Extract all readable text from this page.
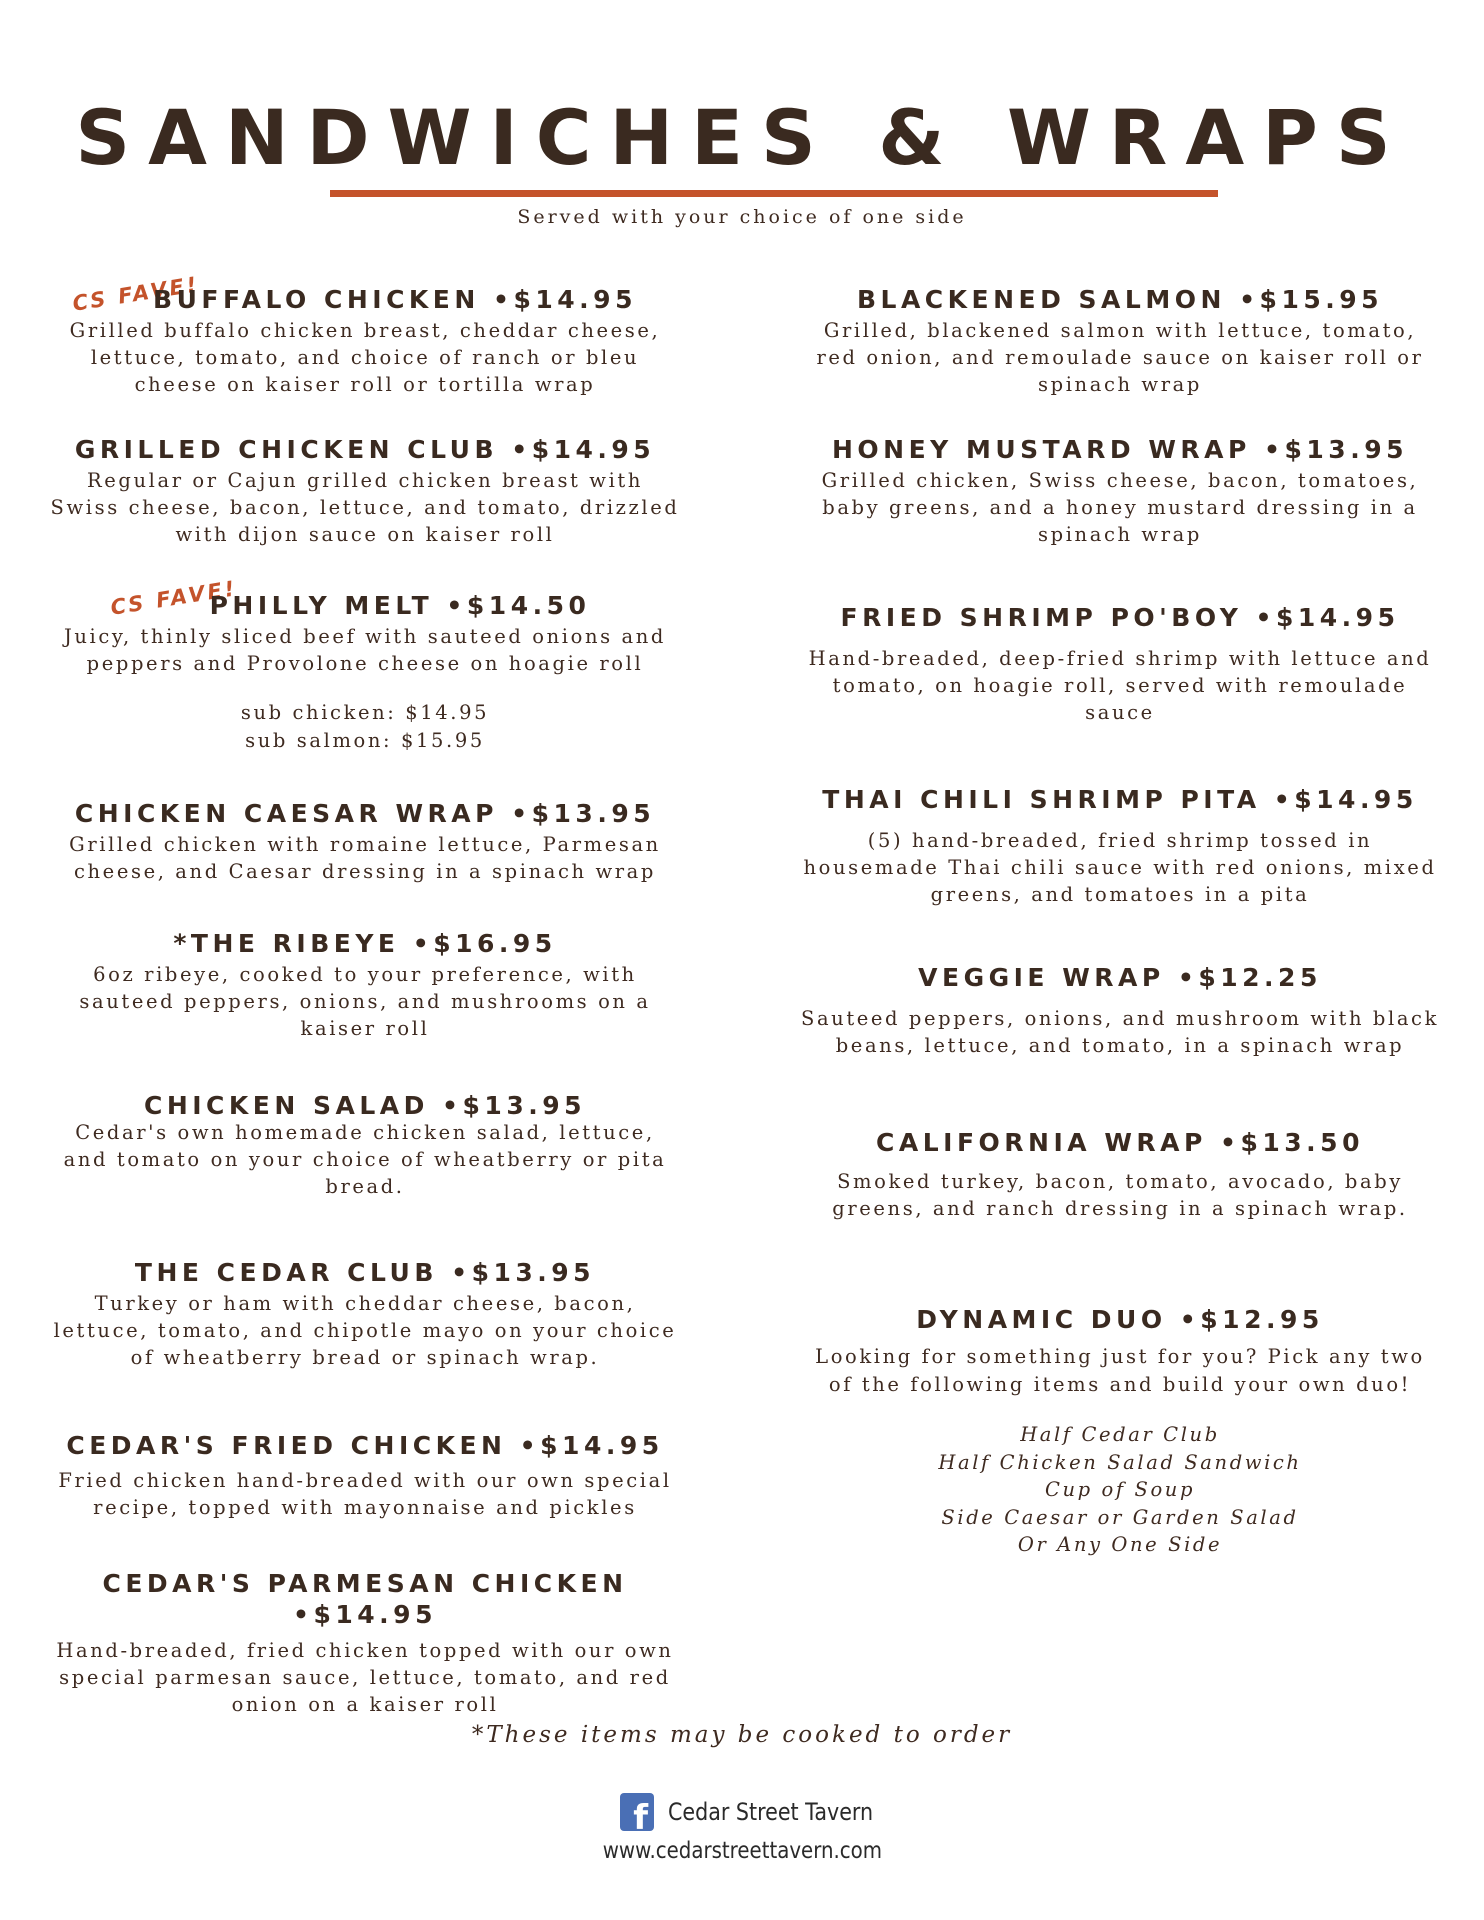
SANDWICHES & WRAPS
Served with your choice of one side
CS FAVE!
BUFFALO CHICKEN •$14.95
Grilled buffalo chicken breast, cheddar cheese, lettuce, tomato, and choice of ranch or bleu cheese on kaiser roll or tortilla wrap
GRILLED CHICKEN CLUB •$14.95
Regular or Cajun grilled chicken breast with Swiss cheese, bacon, lettuce, and tomato, drizzled with dijon sauce on kaiser roll
CS FAVE!
PHILLY MELT •$14.50
Juicy, thinly sliced beef with sauteed onions and peppers and Provolone cheese on hoagie roll
sub chicken: $14.95
sub salmon: $15.95
CHICKEN CAESAR WRAP •$13.95
Grilled chicken with romaine lettuce, Parmesan cheese, and Caesar dressing in a spinach wrap
*THE RIBEYE •$16.95
6oz ribeye, cooked to your preference, with sauteed peppers, onions, and mushrooms on a kaiser roll
CHICKEN SALAD •$13.95
Cedar's own homemade chicken salad, lettuce, and tomato on your choice of wheatberry or pita bread.
THE CEDAR CLUB •$13.95
Turkey or ham with cheddar cheese, bacon, lettuce, tomato, and chipotle mayo on your choice of wheatberry bread or spinach wrap.
CEDAR'S FRIED CHICKEN •$14.95
Fried chicken hand-breaded with our own special recipe, topped with mayonnaise and pickles
CEDAR'S PARMESAN CHICKEN •$14.95
Hand-breaded, fried chicken topped with our own special parmesan sauce, lettuce, tomato, and red onion on a kaiser roll
BLACKENED SALMON •$15.95
Grilled, blackened salmon with lettuce, tomato, red onion, and remoulade sauce on kaiser roll or spinach wrap
HONEY MUSTARD WRAP •$13.95
Grilled chicken, Swiss cheese, bacon, tomatoes, baby greens, and a honey mustard dressing in a spinach wrap
FRIED SHRIMP PO'BOY •$14.95
Hand-breaded, deep-fried shrimp with lettuce and tomato, on hoagie roll, served with remoulade sauce
THAI CHILI SHRIMP PITA •$14.95
(5) hand-breaded, fried shrimp tossed in housemade Thai chili sauce with red onions, mixed greens, and tomatoes in a pita
VEGGIE WRAP •$12.25
Sauteed peppers, onions, and mushroom with black beans, lettuce, and tomato, in a spinach wrap
CALIFORNIA WRAP •$13.50
Smoked turkey, bacon, tomato, avocado, baby greens, and ranch dressing in a spinach wrap.
DYNAMIC DUO •$12.95
Looking for something just for you? Pick any two of the following items and build your own duo!
Half Cedar Club
Half Chicken Salad Sandwich
Cup of Soup
Side Caesar or Garden Salad
Or Any One Side
*These items may be cooked to order
f Cedar Street Tavern
www.cedarstreettavern.com
